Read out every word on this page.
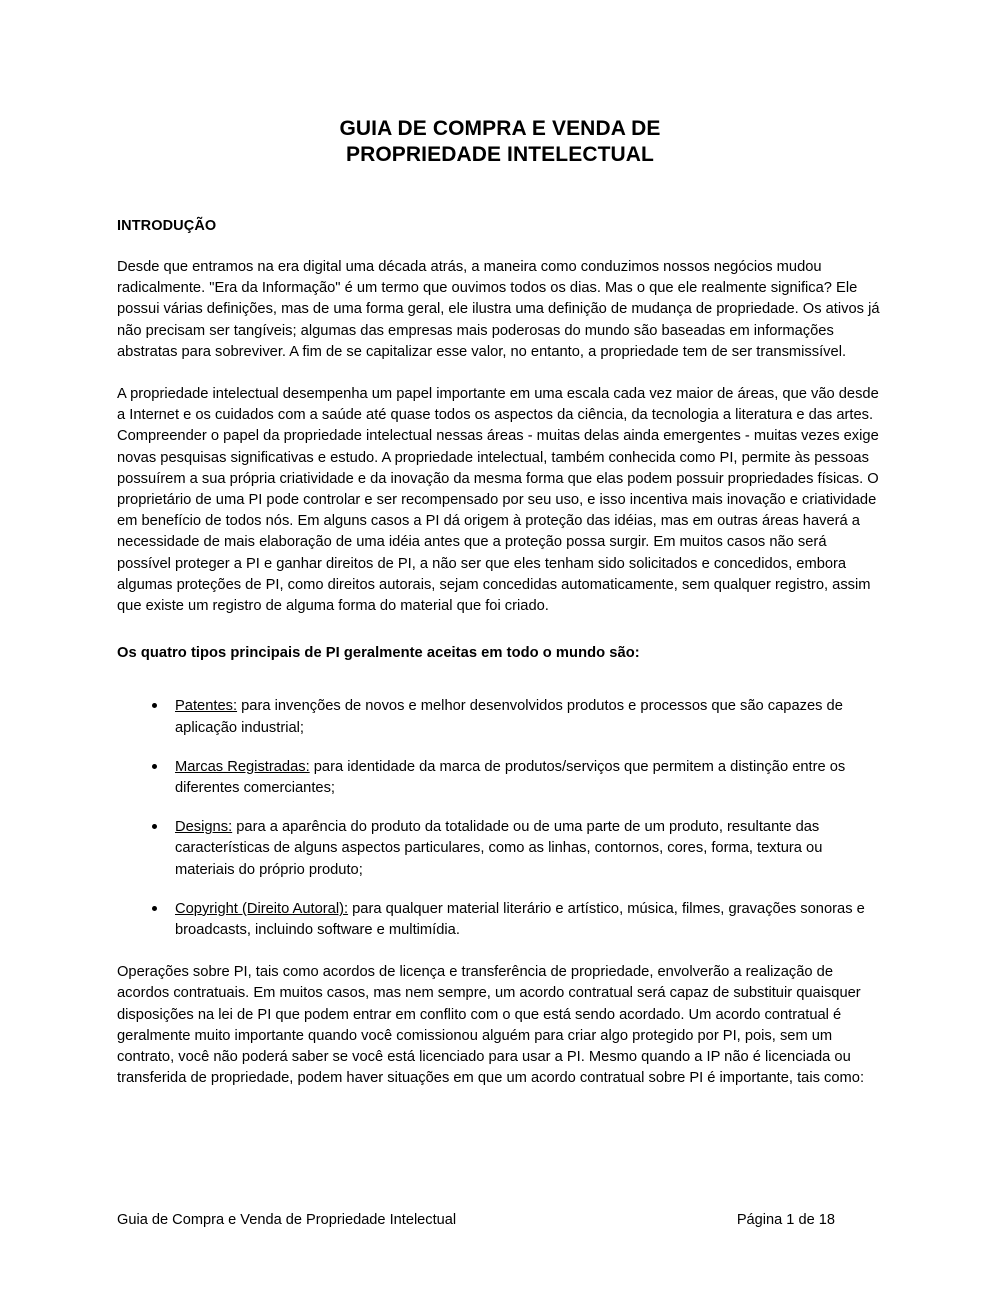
GUIA DE COMPRA E VENDA DE
PROPRIEDADE INTELECTUAL
INTRODUÇÃO

Desde que entramos na era digital uma década atrás, a maneira como conduzimos nossos negócios mudou radicalmente. "Era da Informação" é um termo que ouvimos todos os dias. Mas o que ele realmente significa? Ele possui várias definições, mas de uma forma geral, ele ilustra uma definição de mudança de propriedade. Os ativos já não precisam ser tangíveis; algumas das empresas mais poderosas do mundo são baseadas em informações abstratas para sobreviver. A fim de se capitalizar esse valor, no entanto, a propriedade tem de ser transmissível.

A propriedade intelectual desempenha um papel importante em uma escala cada vez maior de áreas, que vão desde a Internet e os cuidados com a saúde até quase todos os aspectos da ciência, da tecnologia a literatura e das artes. Compreender o papel da propriedade intelectual nessas áreas - muitas delas ainda emergentes - muitas vezes exige novas pesquisas significativas e estudo. A propriedade intelectual, também conhecida como PI, permite às pessoas possuírem a sua própria criatividade e da inovação da mesma forma que elas podem possuir propriedades físicas. O proprietário de uma PI pode controlar e ser recompensado por seu uso, e isso incentiva mais inovação e criatividade em benefício de todos nós. Em alguns casos a PI dá origem à proteção das idéias, mas em outras áreas haverá a necessidade de mais elaboração de uma idéia antes que a proteção possa surgir. Em muitos casos não será possível proteger a PI e ganhar direitos de PI, a não ser que eles tenham sido solicitados e concedidos, embora algumas proteções de PI, como direitos autorais, sejam concedidas automaticamente, sem qualquer registro, assim que existe um registro de alguma forma do material que foi criado.

Os quatro tipos principais de PI geralmente aceitas em todo o mundo são:

Patentes: para invenções de novos e melhor desenvolvidos produtos e processos que são capazes de aplicação industrial;
Marcas Registradas: para identidade da marca de produtos/serviços que permitem a distinção entre os diferentes comerciantes;
Designs: para a aparência do produto da totalidade ou de uma parte de um produto, resultante das características de alguns aspectos particulares, como as linhas, contornos, cores, forma, textura ou materiais do próprio produto;
Copyright (Direito Autoral): para qualquer material literário e artístico, música, filmes, gravações sonoras e broadcasts, incluindo software e multimídia.

Operações sobre PI, tais como acordos de licença e transferência de propriedade, envolverão a realização de acordos contratuais. Em muitos casos, mas nem sempre, um acordo contratual será capaz de substituir quaisquer disposições na lei de PI que podem entrar em conflito com o que está sendo acordado. Um acordo contratual é geralmente muito importante quando você comissionou alguém para criar algo protegido por PI, pois, sem um contrato, você não poderá saber se você está licenciado para usar a PI. Mesmo quando a IP não é licenciada ou transferida de propriedade, podem haver situações em que um acordo contratual sobre PI é importante, tais como:

Guia de Compra e Venda de Propriedade Intelectual	Página 1 de 18
